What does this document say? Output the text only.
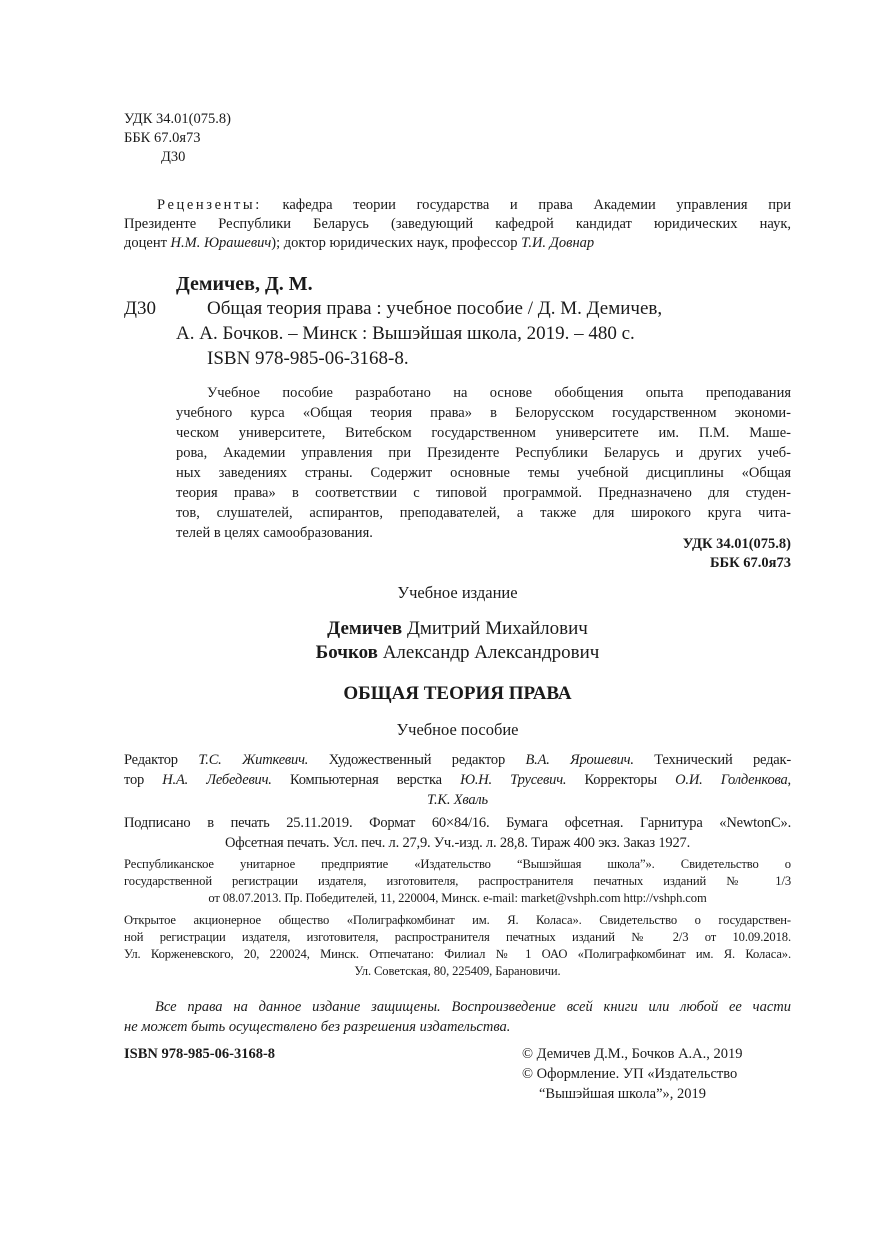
УДК 34.01(075.8)
ББК 67.0я73
Д30
Рецензенты: кафедра теории государства и права Академии управления при
Президенте Республики Беларусь (заведующий кафедрой кандидат юридических наук,
доцент Н.М. Юрашевич); доктор юридических наук, профессор Т.И. Довнар
Демичев, Д. М.
Д30	Общая теория права : учебное пособие / Д. М. Демичев,
А. А. Бочков. – Минск : Вышэйшая школа, 2019. – 480 с.
ISBN 978-985-06-3168-8.
Учебное пособие разработано на основе обобщения опыта преподавания
учебного курса «Общая теория права» в Белорусском государственном экономи-
ческом университете, Витебском государственном университете им. П.М. Маше-
рова, Академии управления при Президенте Республики Беларусь и других учеб-
ных заведениях страны. Содержит основные темы учебной дисциплины «Общая
теория права» в соответствии с типовой программой. Предназначено для студен-
тов, слушателей, аспирантов, преподавателей, а также для широкого круга чита-
телей в целях самообразования.
УДК 34.01(075.8)
ББК 67.0я73
Учебное издание
Демичев Дмитрий Михайлович
Бочков Александр Александрович
ОБЩАЯ ТЕОРИЯ ПРАВА
Учебное пособие
Редактор Т.С. Житкевич. Художественный редактор В.А. Ярошевич. Технический редак-
тор Н.А. Лебедевич. Компьютерная верстка Ю.Н. Трусевич. Корректоры О.И. Голденкова,
Т.К. Хваль
Подписано в печать 25.11.2019. Формат 60×84/16. Бумага офсетная. Гарнитура «NewtonC».
Офсетная печать. Усл. печ. л. 27,9. Уч.-изд. л. 28,8. Тираж 400 экз. Заказ 1927.
Республиканское унитарное предприятие «Издательство “Вышэйшая школа”». Свидетельство о
государственной регистрации издателя, изготовителя, распространителя печатных изданий № 1/3
от 08.07.2013. Пр. Победителей, 11, 220004, Минск. e-mail: market@vshph.com http://vshph.com
Открытое акционерное общество «Полиграфкомбинат им. Я. Коласа». Свидетельство о государствен-
ной регистрации издателя, изготовителя, распространителя печатных изданий № 2/3 от 10.09.2018.
Ул. Корженевского, 20, 220024, Минск. Отпечатано: Филиал № 1 ОАО «Полиграфкомбинат им. Я. Коласа».
Ул. Советская, 80, 225409, Барановичи.
Все права на данное издание защищены. Воспроизведение всей книги или любой ее части
не может быть осуществлено без разрешения издательства.
ISBN 978-985-06-3168-8	© Демичев Д.М., Бочков А.А., 2019
© Оформление. УП «Издательство
“Вышэйшая школа”», 2019
